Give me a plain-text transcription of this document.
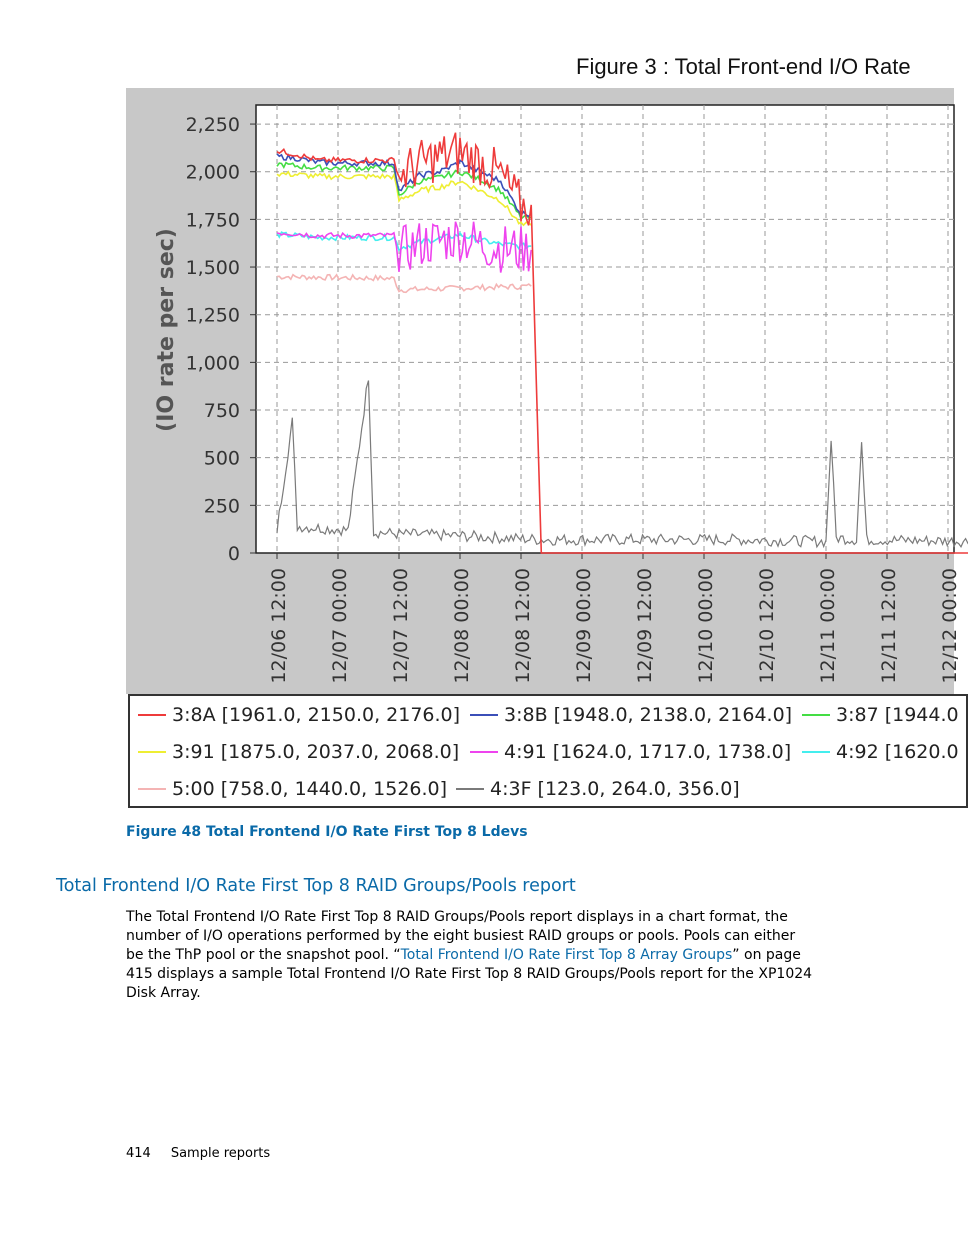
Figure 3 : Total Front-end I/O Rate
0
250
500
750
1,000
1,250
1,500
1,750
2,000
2,250
12/06 12:00 12/07 00:00 12/07 12:00 12/08 00:00 12/08 12:00 12/09 00:00 12/09 12:00 12/10 00:00 12/10 12:00 12/11 00:00 12/11 12:00 12/12 00:00
(IO rate per sec)
3:8A [1961.0, 2150.0, 2176.0] 3:8B [1948.0, 2138.0, 2164.0] 3:87 [1944.0
3:91 [1875.0, 2037.0, 2068.0] 4:91 [1624.0, 1717.0, 1738.0] 4:92 [1620.0
5:00 [758.0, 1440.0, 1526.0] 4:3F [123.0, 264.0, 356.0]
Figure 48 Total Frontend I/O Rate First Top 8 Ldevs
Total Frontend I/O Rate First Top 8 RAID Groups/Pools report
The Total Frontend I/O Rate First Top 8 RAID Groups/Pools report displays in a chart format, the number of I/O operations performed by the eight busiest RAID groups or pools. Pools can either be the ThP pool or the snapshot pool. “Total Frontend I/O Rate First Top 8 Array Groups” on page 415 displays a sample Total Frontend I/O Rate First Top 8 RAID Groups/Pools report for the XP1024 Disk Array.
414 Sample reports
